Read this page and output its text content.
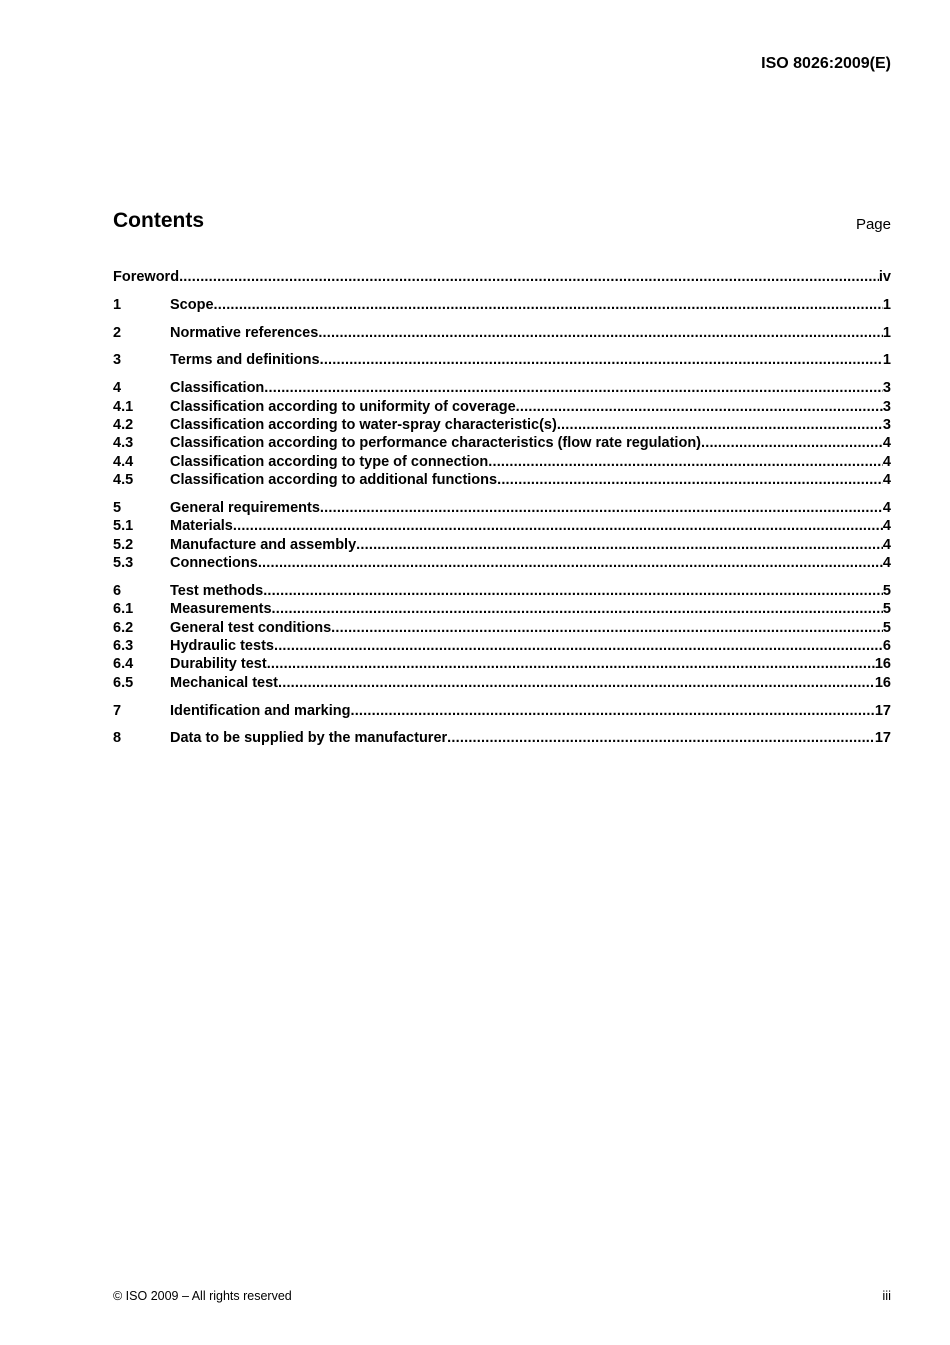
ISO 8026:2009(E)
Contents	Page
Foreword .....	iv
1	Scope .....	1
2	Normative references .....	1
3	Terms and definitions .....	1
4	Classification .....	3
4.1	Classification according to uniformity of coverage .....	3
4.2	Classification according to water-spray characteristic(s) .....	3
4.3	Classification according to performance characteristics (flow rate regulation) .....	4
4.4	Classification according to type of connection .....	4
4.5	Classification according to additional functions .....	4
5	General requirements .....	4
5.1	Materials .....	4
5.2	Manufacture and assembly .....	4
5.3	Connections .....	4
6	Test methods .....	5
6.1	Measurements .....	5
6.2	General test conditions .....	5
6.3	Hydraulic tests .....	6
6.4	Durability test .....	16
6.5	Mechanical test .....	16
7	Identification and marking .....	17
8	Data to be supplied by the manufacturer .....	17
© ISO 2009 – All rights reserved	iii
